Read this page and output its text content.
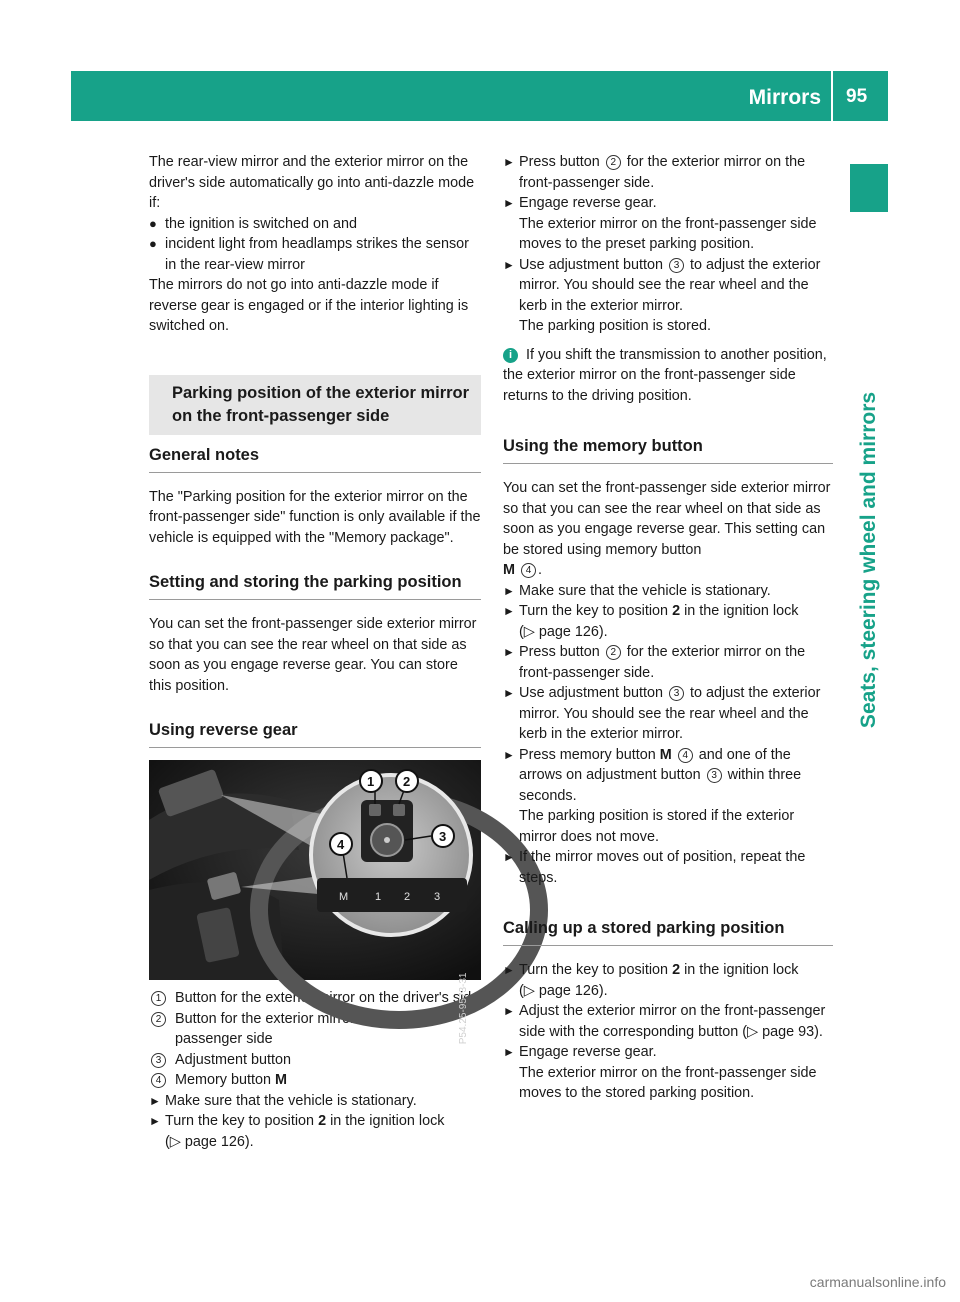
Mirrors 95
Seats, steering wheel and mirrors

The rear-view mirror and the exterior mirror on the driver's side automatically go into anti-dazzle mode if:

● the ignition is switched on and
● incident light from headlamps strikes the sensor in the rear-view mirror

The mirrors do not go into anti-dazzle mode if reverse gear is engaged or if the interior lighting is switched on.

Parking position of the exterior mirror on the front-passenger side
General notes

The "Parking position for the exterior mirror on the front-passenger side" function is only available if the vehicle is equipped with the "Memory package".

Setting and storing the parking position

You can set the front-passenger side exterior mirror so that you can see the rear wheel on that side as soon as you engage reverse gear. You can store this position.

Using reverse gear
M 1 2 3
1 2
3
4
P54.25-9573-31
1 Button for the exterior mirror on the driver's side
2 Button for the exterior mirror on the front-passenger side
3 Adjustment button
4 Memory button M
► Make sure that the vehicle is stationary.
► Turn the key to position 2 in the ignition lock
(▷ page 126).
► Press button 2 for the exterior mirror on the front-passenger side.
► Engage reverse gear.
The exterior mirror on the front-passenger side moves to the preset parking position.
► Use adjustment button 3 to adjust the exterior mirror. You should see the rear wheel and the kerb in the exterior mirror.
The parking position is stored.
i If you shift the transmission to another position, the exterior mirror on the front-passenger side returns to the driving position.
Using the memory button

You can set the front-passenger side exterior mirror so that you can see the rear wheel on that side as soon as you engage reverse gear. This setting can be stored using memory button
M 4 .

► Make sure that the vehicle is stationary.
► Turn the key to position 2 in the ignition lock
(▷ page 126).
► Press button 2 for the exterior mirror on the front-passenger side.
► Use adjustment button 3 to adjust the exterior mirror. You should see the rear wheel and the kerb in the exterior mirror.
► Press memory button M 4 and one of the arrows on adjustment button 3 within three seconds.
The parking position is stored if the exterior mirror does not move.
► If the mirror moves out of position, repeat the steps.
Calling up a stored parking position
► Turn the key to position 2 in the ignition lock
(▷ page 126).
► Adjust the exterior mirror on the front-passenger side with the corresponding button (▷ page 93).
► Engage reverse gear.
The exterior mirror on the front-passenger side moves to the stored parking position.
carmanualsonline.info
